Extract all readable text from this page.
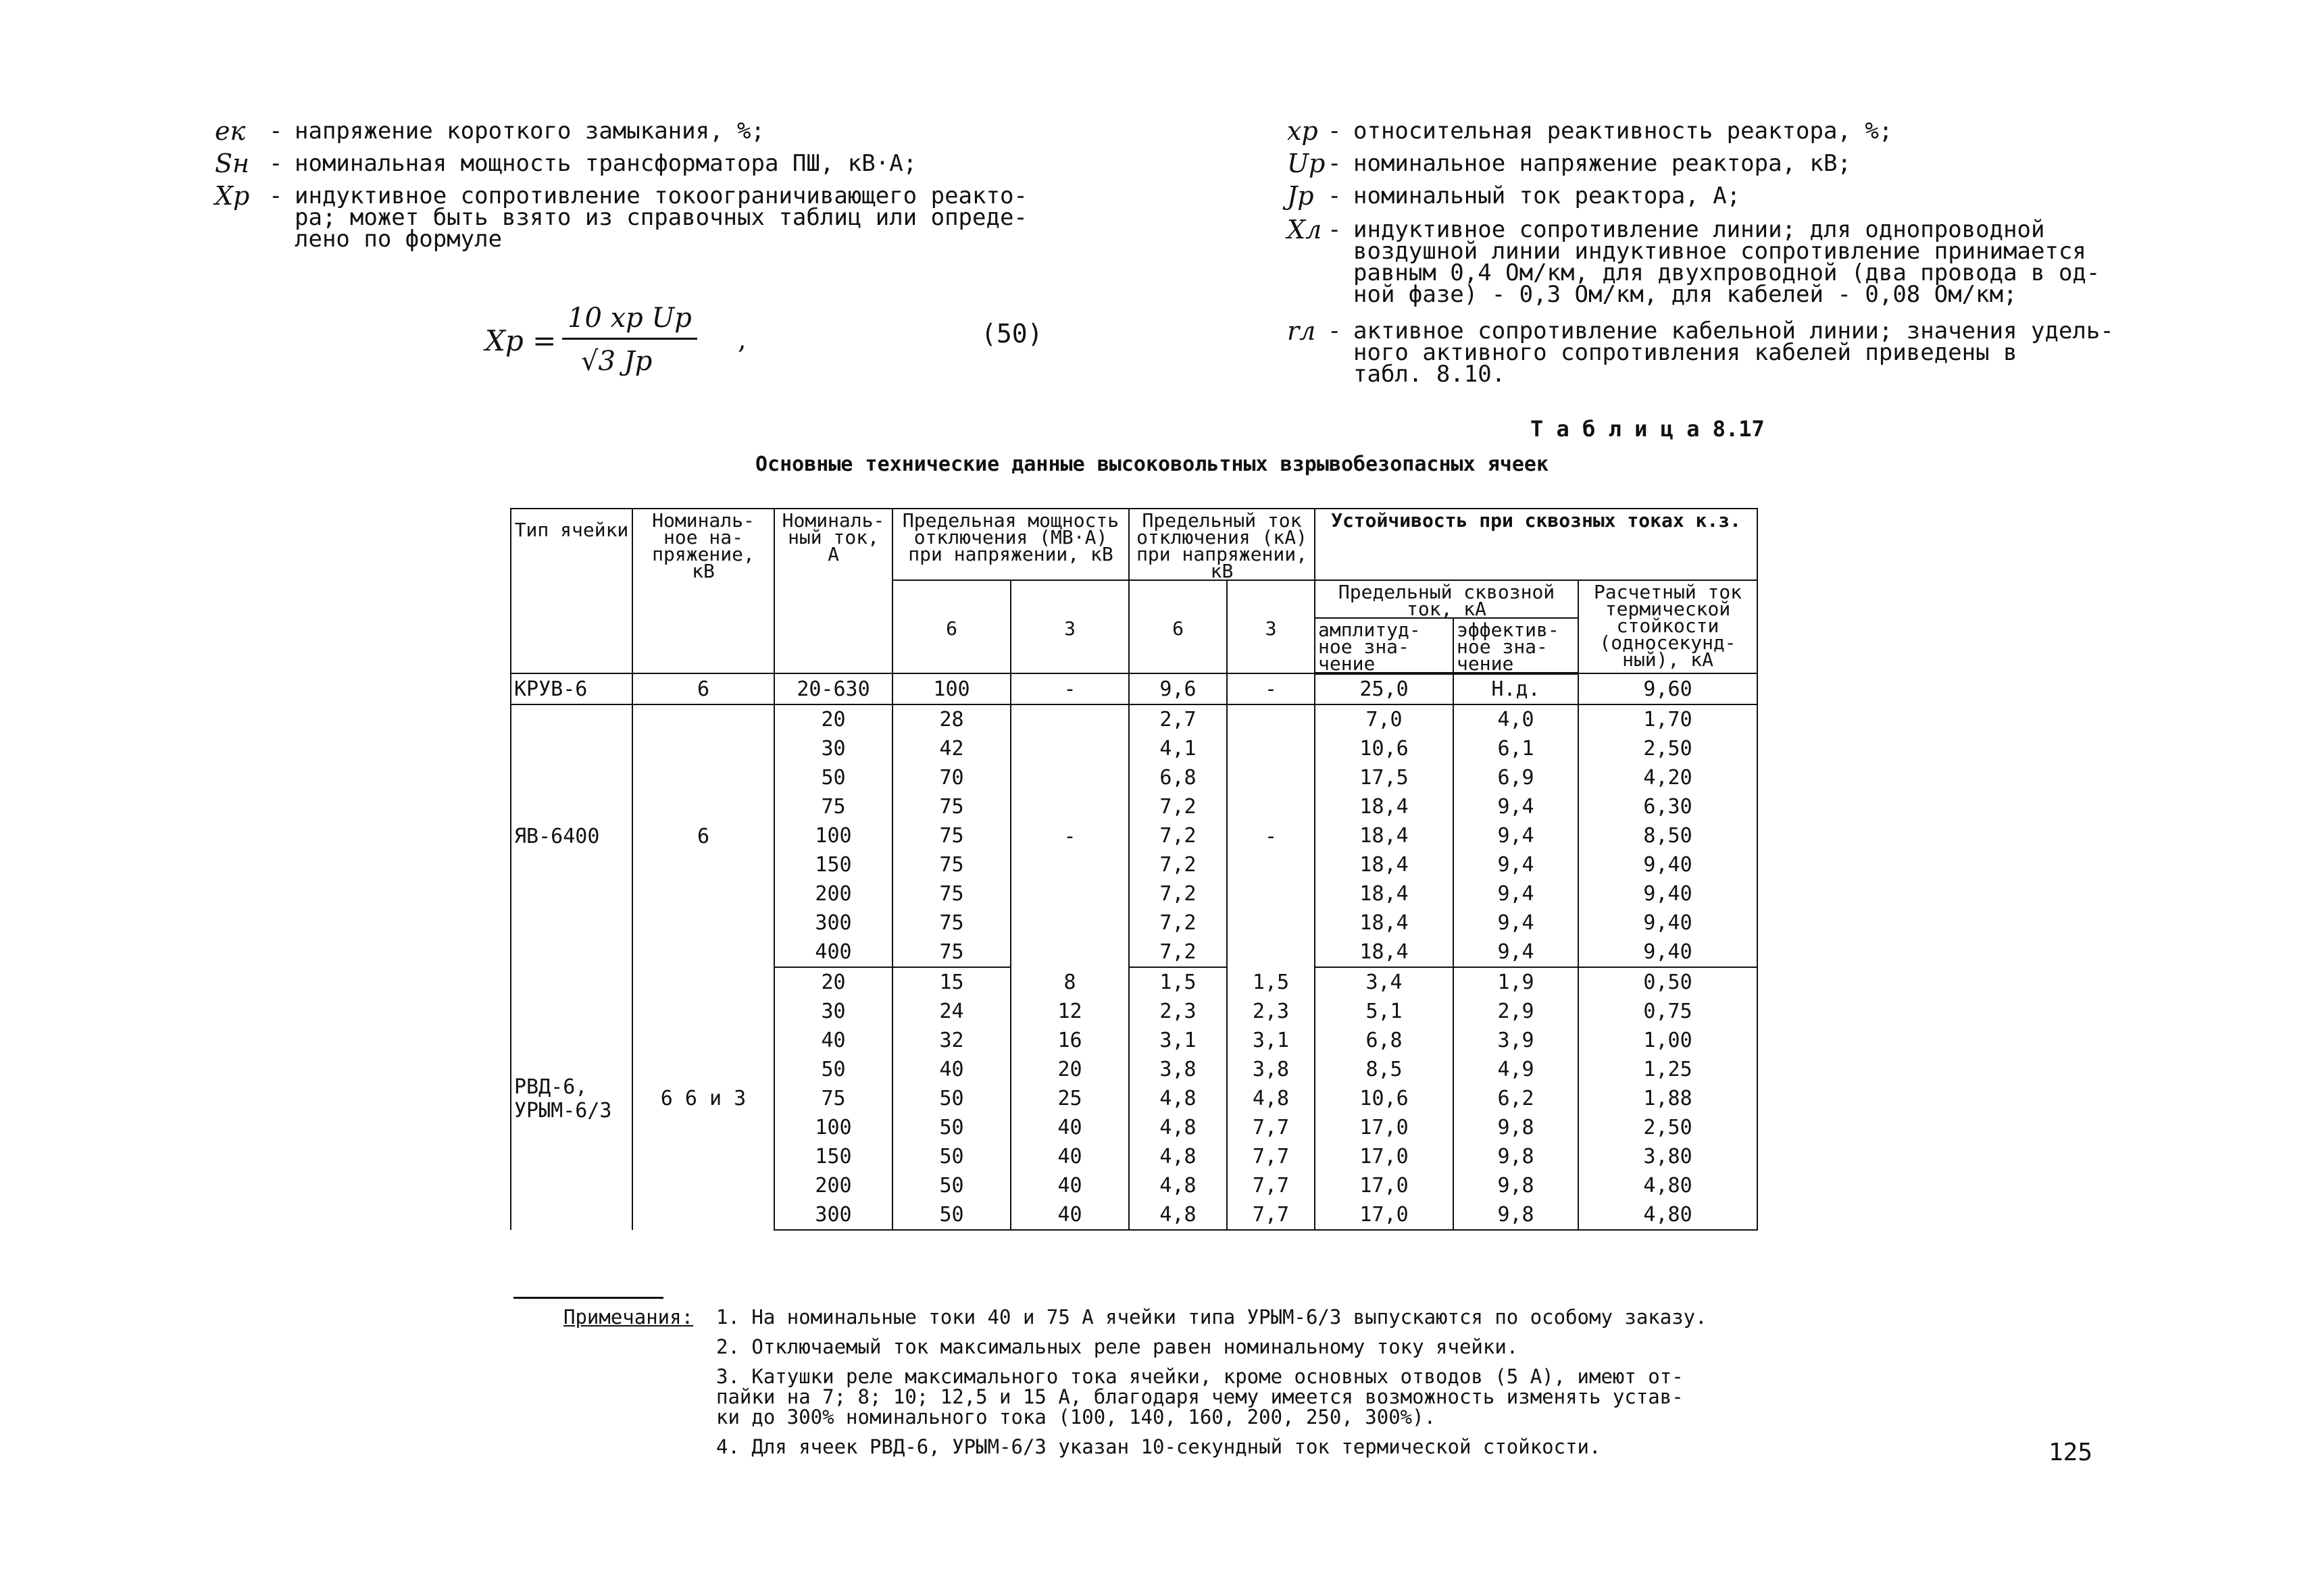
eк - напряжение короткого замыкания, %;
Sн - номинальная мощность трансформатора ПШ, кВ·А;
Xр - индуктивное сопротивление токоограничивающего реакто-
ра; может быть взято из справочных таблиц или опреде-
лено по формуле
Xр =
10 xр Uр
√3 Jр
,	(50)
xр - относительная реактивность реактора, %;
Uр - номинальное напряжение реактора, кВ;
Jр - номинальный ток реактора, А;
Xл - индуктивное сопротивление линии; для однопроводной
воздушной линии индуктивное сопротивление принимается
равным 0,4 Ом/км, для двухпроводной (два провода в од-
ной фазе) - 0,3 Ом/км, для кабелей - 0,08 Ом/км;
rл - активное сопротивление кабельной линии; значения удель-
ного активного сопротивления кабелей приведены в
табл. 8.10.
Т а б л и ц а 8.17
Основные технические данные высоковольтных взрывобезопасных ячеек
Тип ячейки	Номиналь-ное на-пряжение, кВ	Номиналь-ный ток, А	Предельная мощность отключения (МВ·А) при напряжении, кВ		Предельный ток отключения (кА) при напряжении, кВ		Устойчивость при сквозных токах к.з.		
			6	3	6	3	Предельный сквозной ток, кА		Расчетный ток термической стойкости (односекунд-ный), кА
							амплитуд-ное зна-чение	эффектив-ное зна-чение	
КРУВ-6	6	20-630	100	-	9,6	-	25,0	Н.д.	9,60
ЯВ-6400	6	20	28	-	2,7	-	7,0	4,0	1,70
		30	42		4,1		10,6	6,1	2,50
		50	70		6,8		17,5	6,9	4,20
		75	75		7,2		18,4	9,4	6,30
		100	75		7,2		18,4	9,4	8,50
		150	75		7,2		18,4	9,4	9,40
		200	75		7,2		18,4	9,4	9,40
		300	75		7,2		18,4	9,4	9,40
		400	75		7,2		18,4	9,4	9,40
РВД-6, УРЫМ-6/3	6 6 и 3	20	15	8	1,5	1,5	3,4	1,9	0,50
		30	24	12	2,3	2,3	5,1	2,9	0,75
		40	32	16	3,1	3,1	6,8	3,9	1,00
		50	40	20	3,8	3,8	8,5	4,9	1,25
		75	50	25	4,8	4,8	10,6	6,2	1,88
		100	50	40	4,8	7,7	17,0	9,8	2,50
		150	50	40	4,8	7,7	17,0	9,8	3,80
		200	50	40	4,8	7,7	17,0	9,8	4,80
		300	50	40	4,8	7,7	17,0	9,8	4,80
Примечания: 1. На номинальные токи 40 и 75 А ячейки типа УРЫМ-6/3 выпускаются по особому заказу.
2. Отключаемый ток максимальных реле равен номинальному току ячейки.
3. Катушки реле максимального тока ячейки, кроме основных отводов (5 А), имеют от-
пайки на 7; 8; 10; 12,5 и 15 А, благодаря чему имеется возможность изменять устав-
ки до 300% номинального тока (100, 140, 160, 200, 250, 300%).
4. Для ячеек РВД-6, УРЫМ-6/3 указан 10-секундный ток термической стойкости.	125
